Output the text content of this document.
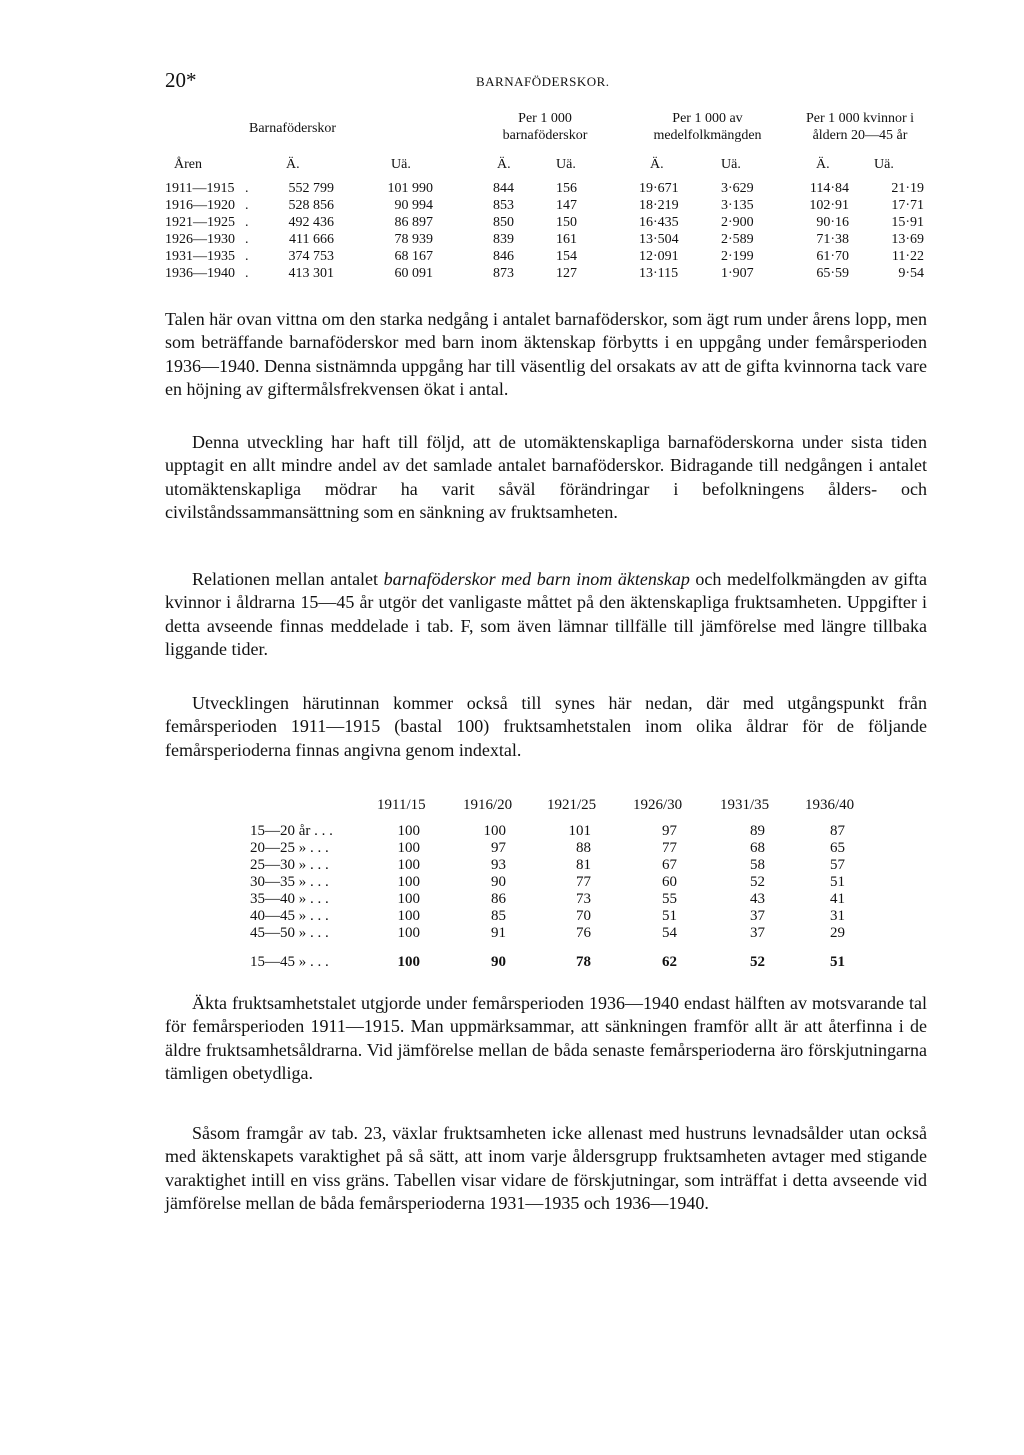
20*	BARNAFÖDERSKOR.
Barnaföderskor
Per 1 000
barnaföderskor
Per 1 000 av
medelfolkmängden
Per 1 000 kvinnor i
åldern 20—45 år
Åren	Ä.	Uä.	Ä.	Uä.	Ä.	Uä.	Ä.	Uä.
1911—1915 .	552 799	101 990	844	156	19·671	3·629	114·84	21·19
1916—1920 .	528 856	90 994	853	147	18·219	3·135	102·91	17·71
1921—1925 .	492 436	86 897	850	150	16·435	2·900	90·16	15·91
1926—1930 .	411 666	78 939	839	161	13·504	2·589	71·38	13·69
1931—1935 .	374 753	68 167	846	154	12·091	2·199	61·70	11·22
1936—1940 .	413 301	60 091	873	127	13·115	1·907	65·59	9·54

Talen här ovan vittna om den starka nedgång i antalet barnaföderskor, som ägt rum under årens lopp, men som beträffande barnaföderskor med barn inom äktenskap förbytts i en uppgång under femårsperioden 1936—1940. Denna sistnämnda uppgång har till väsentlig del orsakats av att de gifta kvinnorna tack vare en höjning av giftermålsfrekvensen ökat i antal.

Denna utveckling har haft till följd, att de utomäktenskapliga barnaföderskorna under sista tiden upptagit en allt mindre andel av det samlade antalet barnaföderskor. Bidragande till nedgången i antalet utomäktenskapliga mödrar ha varit såväl förändringar i befolkningens ålders- och civilståndssammansättning som en sänkning av fruktsamheten.

Relationen mellan antalet barnaföderskor med barn inom äktenskap och medelfolkmängden av gifta kvinnor i åldrarna 15—45 år utgör det vanligaste måttet på den äktenskapliga fruktsamheten. Uppgifter i detta avseende finnas meddelade i tab. F, som även lämnar tillfälle till jämförelse med längre tillbaka liggande tider.

Utvecklingen härutinnan kommer också till synes här nedan, där med utgångspunkt från femårsperioden 1911—1915 (bastal 100) fruktsamhetstalen inom olika åldrar för de följande femårsperioderna finnas angivna genom indextal.

1911/15 1916/20 1921/25 1926/30	1931/35 1936/40
15—20 år . . .	100	100	101	97	89	87
20—25 » . . .	100	97	88	77	68	65
25—30 » . . .	100	93	81	67	58	57
30—35 » . . .	100	90	77	60	52	51
35—40 » . . .	100	86	73	55	43	41
40—45 » . . .	100	85	70	51	37	31
45—50 » . . .	100	91	76	54	37	29
15—45 » . . .	100	90	78	62	52	51

Äkta fruktsamhetstalet utgjorde under femårsperioden 1936—1940 endast hälften av motsvarande tal för femårsperioden 1911—1915. Man uppmärksammar, att sänkningen framför allt är att återfinna i de äldre fruktsamhetsåldrarna. Vid jämförelse mellan de båda senaste femårsperioderna äro förskjutningarna tämligen obetydliga.

Såsom framgår av tab. 23, växlar fruktsamheten icke allenast med hustruns levnadsålder utan också med äktenskapets varaktighet på så sätt, att inom varje åldersgrupp fruktsamheten avtager med stigande varaktighet intill en viss gräns. Tabellen visar vidare de förskjutningar, som inträffat i detta avseende vid jämförelse mellan de båda femårsperioderna 1931—1935 och 1936—1940.
